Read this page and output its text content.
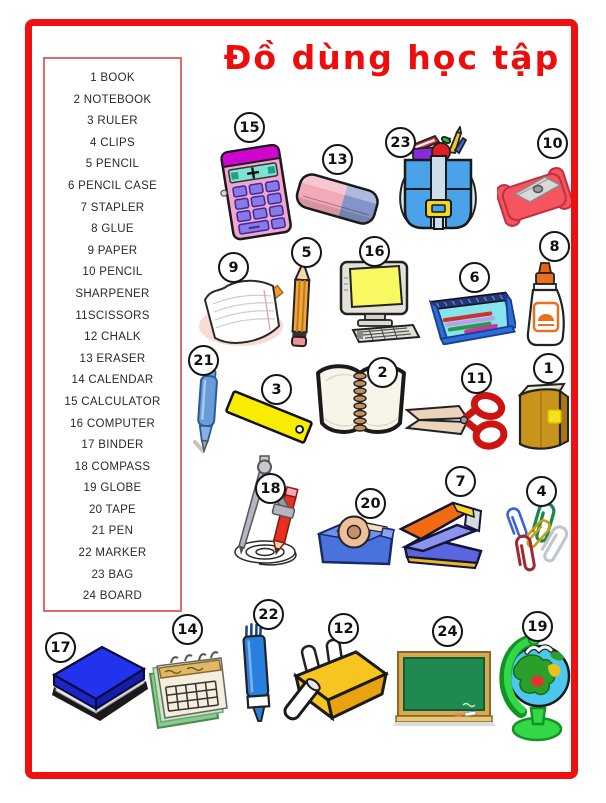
Đồ dùng học tập
1 BOOK
2 NOTEBOOK
3 RULER
4 CLIPS
5 PENCIL
6 PENCIL CASE
7 STAPLER
8 GLUE
9 PAPER
10 PENCIL
SHARPENER
11SCISSORS
12 CHALK
13 ERASER
14 CALENDAR
15 CALCULATOR
16 COMPUTER
17 BINDER
18 COMPASS
19 GLOBE
20 TAPE
21 PEN
22 MARKER
23 BAG
24 BOARD
15
13
23	10
9
5	16
6
8
21
3
2	11
1
18
20
7
4
17
14
22
12	24	19
